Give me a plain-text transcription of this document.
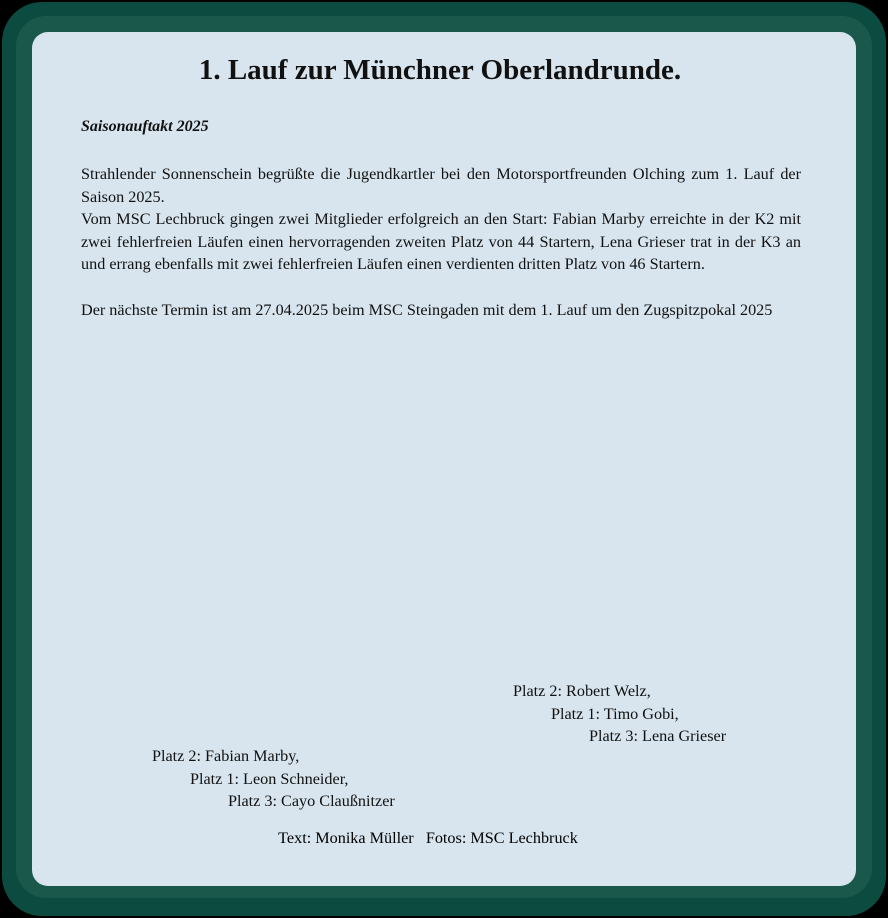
1. Lauf zur Münchner Oberlandrunde.
Saisonauftakt 2025

Strahlender Sonnenschein begrüßte die Jugendkartler bei den Motorsportfreunden Olching zum 1. Lauf der Saison 2025.

Vom MSC Lechbruck gingen zwei Mitglieder erfolgreich an den Start: Fabian Marby erreichte in der K2 mit zwei fehlerfreien Läufen einen hervorragenden zweiten Platz von 44 Startern, Lena Grieser trat in der K3 an und errang ebenfalls mit zwei fehlerfreien Läufen einen verdienten dritten Platz von 46 Startern.

Der nächste Termin ist am 27.04.2025 beim MSC Steingaden mit dem 1. Lauf um den Zugspitzpokal 2025

Platz 2: Robert Welz,
Platz 1: Timo Gobi,
Platz 3: Lena Grieser
Platz 2: Fabian Marby,
Platz 1: Leon Schneider,
Platz 3: Cayo Claußnitzer
Text: Monika Müller   Fotos: MSC Lechbruck
